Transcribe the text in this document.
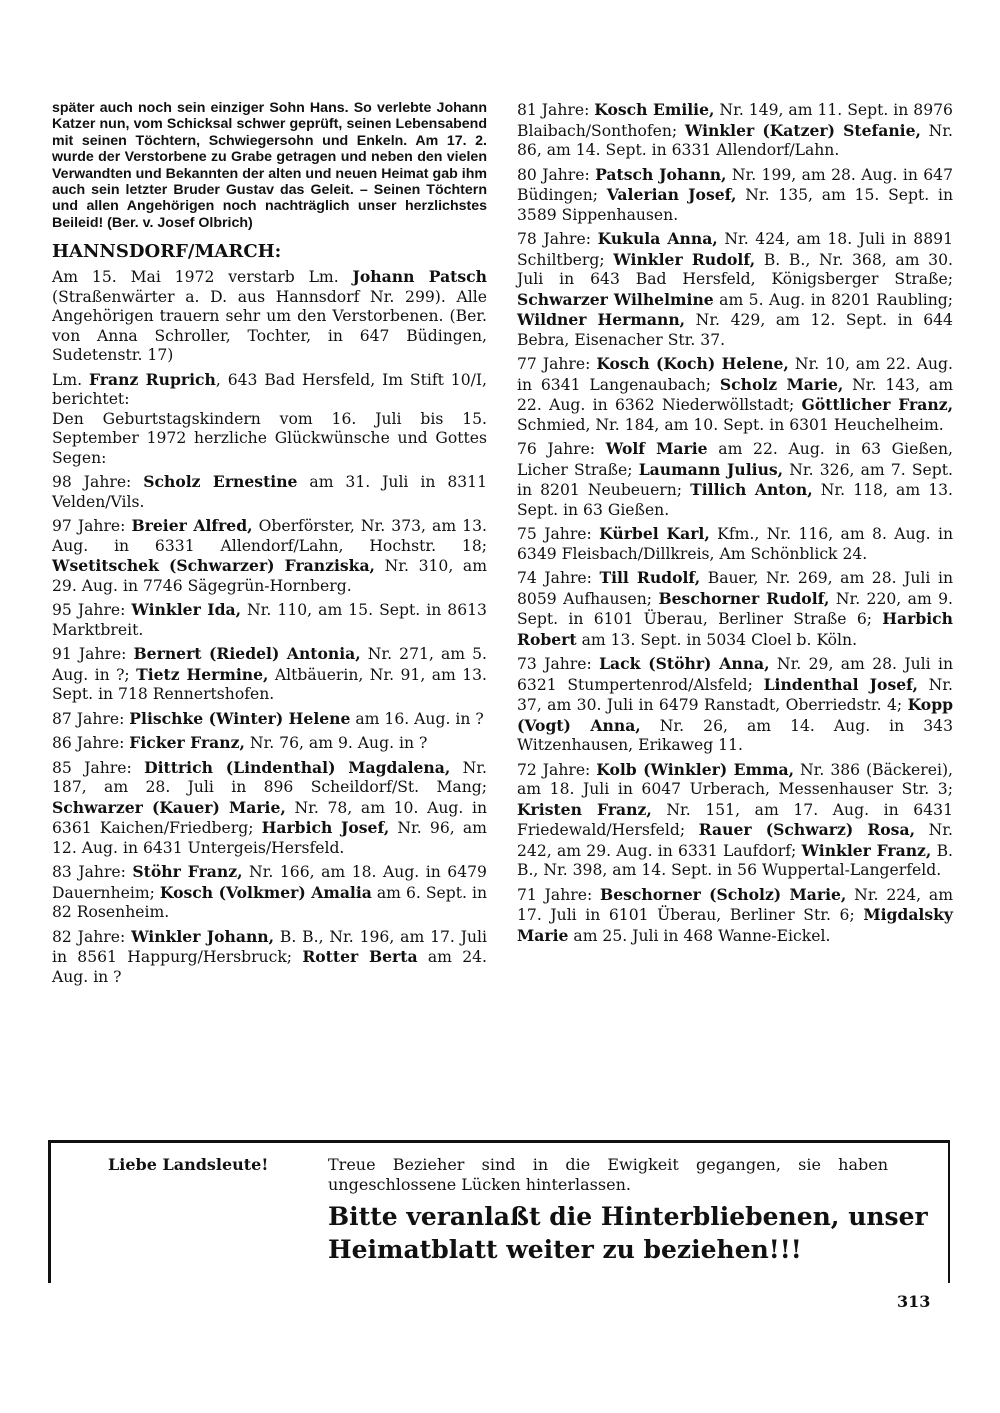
später auch noch sein einziger Sohn Hans. So verlebte Johann Katzer nun, vom Schicksal schwer geprüft, seinen Lebensabend mit seinen Töchtern, Schwiegersohn und Enkeln. Am 17. 2. wurde der Verstorbene zu Grabe getragen und neben den vielen Verwandten und Bekannten der alten und neuen Heimat gab ihm auch sein letzter Bruder Gustav das Geleit. – Seinen Töchtern und allen Angehörigen noch nachträglich unser herzlichstes Beileid! (Ber. v. Josef Olbrich)

HANNSDORF/MARCH:

Am 15. Mai 1972 verstarb Lm. Johann Patsch (Straßenwärter a. D. aus Hannsdorf Nr. 299). Alle Angehörigen trauern sehr um den Verstorbenen. (Ber. von Anna Schroller, Tochter, in 647 Büdingen, Sudetenstr. 17)

Lm. Franz Ruprich, 643 Bad Hersfeld, Im Stift 10/I, berichtet:

Den Geburtstagskindern vom 16. Juli bis 15. September 1972 herzliche Glückwünsche und Gottes Segen:

98 Jahre: Scholz Ernestine am 31. Juli in 8311 Velden/Vils.

97 Jahre: Breier Alfred, Oberförster, Nr. 373, am 13. Aug. in 6331 Allendorf/Lahn, Hochstr. 18; Wsetitschek (Schwarzer) Franziska, Nr. 310, am 29. Aug. in 7746 Sägegrün-Hornberg.

95 Jahre: Winkler Ida, Nr. 110, am 15. Sept. in 8613 Marktbreit.

91 Jahre: Bernert (Riedel) Antonia, Nr. 271, am 5. Aug. in ?; Tietz Hermine, Altbäuerin, Nr. 91, am 13. Sept. in 718 Rennertshofen.

87 Jahre: Plischke (Winter) Helene am 16. Aug. in ?

86 Jahre: Ficker Franz, Nr. 76, am 9. Aug. in ?

85 Jahre: Dittrich (Lindenthal) Magdalena, Nr. 187, am 28. Juli in 896 Scheildorf/St. Mang; Schwarzer (Kauer) Marie, Nr. 78, am 10. Aug. in 6361 Kaichen/Friedberg; Harbich Josef, Nr. 96, am 12. Aug. in 6431 Untergeis/Hersfeld.

83 Jahre: Stöhr Franz, Nr. 166, am 18. Aug. in 6479 Dauernheim; Kosch (Volkmer) Amalia am 6. Sept. in 82 Rosenheim.

82 Jahre: Winkler Johann, B. B., Nr. 196, am 17. Juli in 8561 Happurg/Hersbruck; Rotter Berta am 24. Aug. in ?

81 Jahre: Kosch Emilie, Nr. 149, am 11. Sept. in 8976 Blaibach/Sonthofen; Winkler (Katzer) Stefanie, Nr. 86, am 14. Sept. in 6331 Allendorf/Lahn.

80 Jahre: Patsch Johann, Nr. 199, am 28. Aug. in 647 Büdingen; Valerian Josef, Nr. 135, am 15. Sept. in 3589 Sippenhausen.

78 Jahre: Kukula Anna, Nr. 424, am 18. Juli in 8891 Schiltberg; Winkler Rudolf, B. B., Nr. 368, am 30. Juli in 643 Bad Hersfeld, Königsberger Straße; Schwarzer Wilhelmine am 5. Aug. in 8201 Raubling; Wildner Hermann, Nr. 429, am 12. Sept. in 644 Bebra, Eisenacher Str. 37.

77 Jahre: Kosch (Koch) Helene, Nr. 10, am 22. Aug. in 6341 Langenaubach; Scholz Marie, Nr. 143, am 22. Aug. in 6362 Niederwöllstadt; Göttlicher Franz, Schmied, Nr. 184, am 10. Sept. in 6301 Heuchelheim.

76 Jahre: Wolf Marie am 22. Aug. in 63 Gießen, Licher Straße; Laumann Julius, Nr. 326, am 7. Sept. in 8201 Neubeuern; Tillich Anton, Nr. 118, am 13. Sept. in 63 Gießen.

75 Jahre: Kürbel Karl, Kfm., Nr. 116, am 8. Aug. in 6349 Fleisbach/Dillkreis, Am Schönblick 24.

74 Jahre: Till Rudolf, Bauer, Nr. 269, am 28. Juli in 8059 Aufhausen; Beschorner Rudolf, Nr. 220, am 9. Sept. in 6101 Überau, Berliner Straße 6; Harbich Robert am 13. Sept. in 5034 Cloel b. Köln.

73 Jahre: Lack (Stöhr) Anna, Nr. 29, am 28. Juli in 6321 Stumpertenrod/Alsfeld; Lindenthal Josef, Nr. 37, am 30. Juli in 6479 Ranstadt, Oberriedstr. 4; Kopp (Vogt) Anna, Nr. 26, am 14. Aug. in 343 Witzenhausen, Erikaweg 11.

72 Jahre: Kolb (Winkler) Emma, Nr. 386 (Bäckerei), am 18. Juli in 6047 Urberach, Messenhauser Str. 3; Kristen Franz, Nr. 151, am 17. Aug. in 6431 Friedewald/Hersfeld; Rauer (Schwarz) Rosa, Nr. 242, am 29. Aug. in 6331 Laufdorf; Winkler Franz, B. B., Nr. 398, am 14. Sept. in 56 Wuppertal-Langerfeld.

71 Jahre: Beschorner (Scholz) Marie, Nr. 224, am 17. Juli in 6101 Überau, Berliner Str. 6; Migdalsky Marie am 25. Juli in 468 Wanne-Eickel.

Liebe Landsleute!	Treue Bezieher sind in die Ewigkeit gegangen, sie haben ungeschlossene Lücken hinterlassen.
Bitte veranlaßt die Hinterbliebenen, unser Heimatblatt weiter zu beziehen!!!
313
